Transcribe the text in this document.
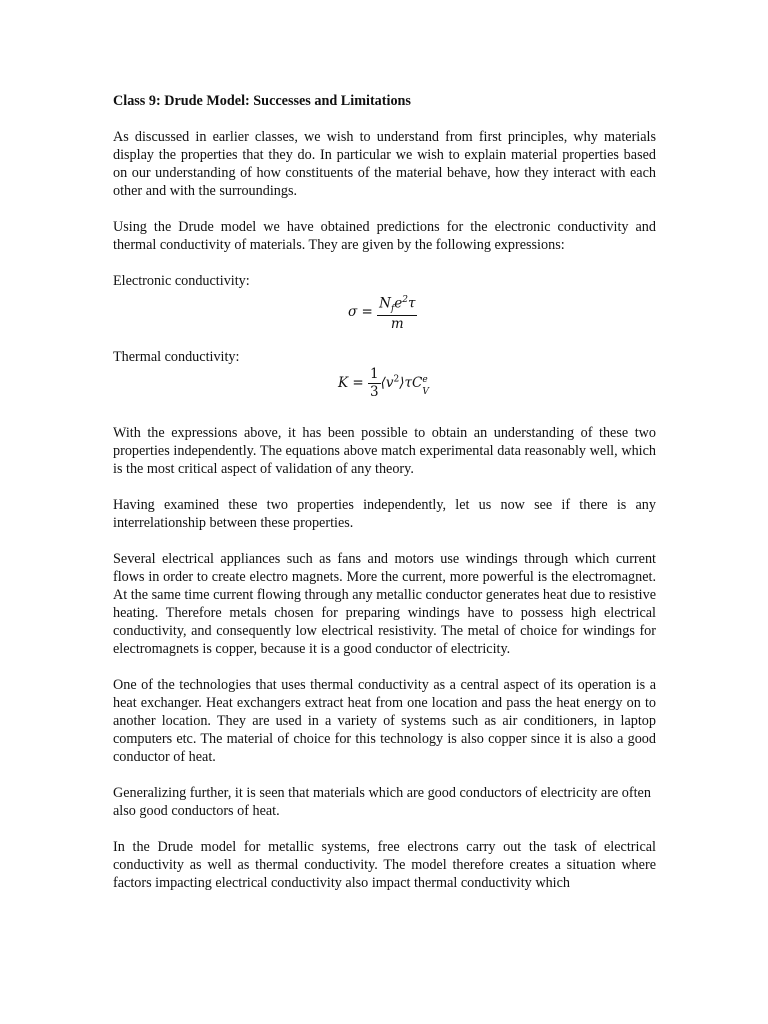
Class 9: Drude Model: Successes and Limitations

As discussed in earlier classes, we wish to understand from first principles, why materials display the properties that they do. In particular we wish to explain material properties based on our understanding of how constituents of the material behave, how they interact with each other and with the surroundings.

Using the Drude model we have obtained predictions for the electronic conductivity and thermal conductivity of materials. They are given by the following expressions:

Electronic conductivity:
$\sigma = \frac{N_fe^2\tau}{m}$
Thermal conductivity:
$K = \frac{1}{3}$ $⟨v^2⟩\tau C$ e
V

With the expressions above, it has been possible to obtain an understanding of these two properties independently. The equations above match experimental data reasonably well, which is the most critical aspect of validation of any theory.

Having examined these two properties independently, let us now see if there is any interrelationship between these properties.

Several electrical appliances such as fans and motors use windings through which current flows in order to create electro magnets. More the current, more powerful is the electromagnet. At the same time current flowing through any metallic conductor generates heat due to resistive heating. Therefore metals chosen for preparing windings have to possess high electrical conductivity, and consequently low electrical resistivity. The metal of choice for windings for electromagnets is copper, because it is a good conductor of electricity.

One of the technologies that uses thermal conductivity as a central aspect of its operation is a heat exchanger. Heat exchangers extract heat from one location and pass the heat energy on to another location. They are used in a variety of systems such as air conditioners, in laptop computers etc. The material of choice for this technology is also copper since it is also a good conductor of heat.

Generalizing further, it is seen that materials which are good conductors of electricity are often also good conductors of heat.

In the Drude model for metallic systems, free electrons carry out the task of electrical conductivity as well as thermal conductivity. The model therefore creates a situation where factors impacting electrical conductivity also impact thermal conductivity which
